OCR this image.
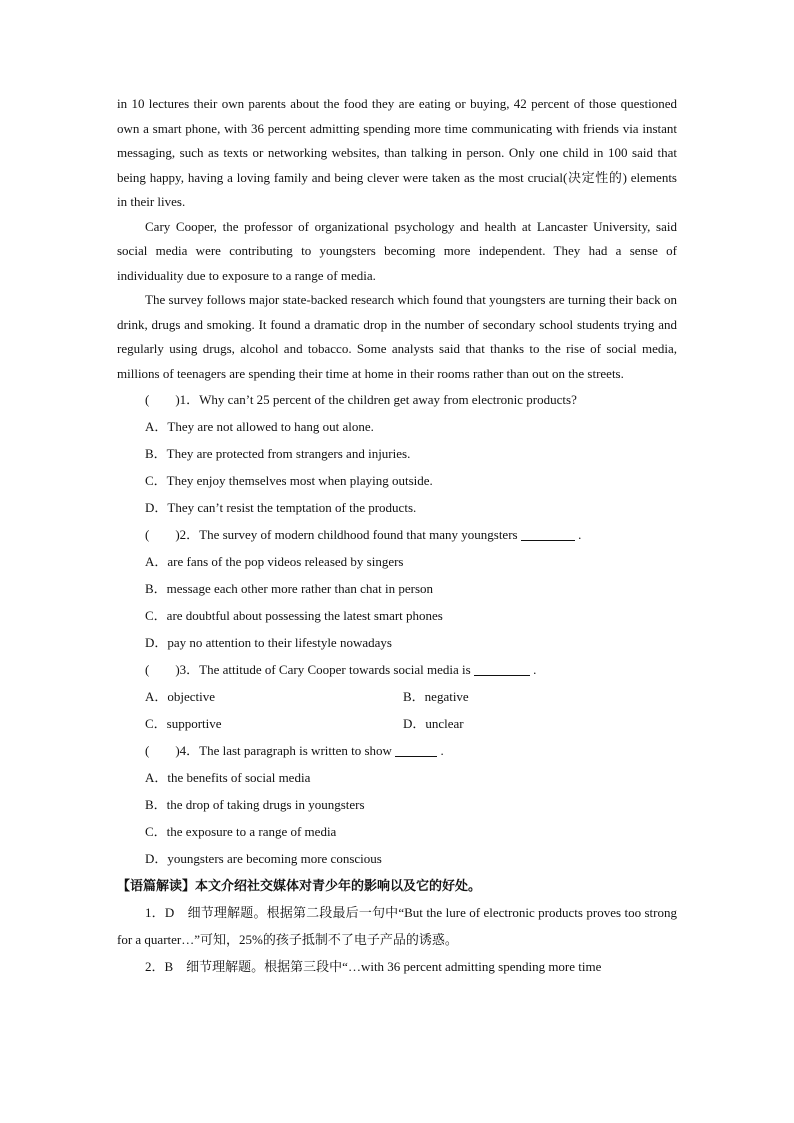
in 10 lectures their own parents about the food they are eating or buying, 42 percent of those questioned own a smart phone, with 36 percent admitting spending more time communicating with friends via instant messaging, such as texts or networking websites, than talking in person. Only one child in 100 said that being happy, having a loving family and being clever were taken as the most crucial(决定性的) elements in their lives.

Cary Cooper, the professor of organizational psychology and health at Lancaster University, said social media were contributing to youngsters becoming more independent. They had a sense of individuality due to exposure to a range of media.

The survey follows major state-backed research which found that youngsters are turning their back on drink, drugs and smoking. It found a dramatic drop in the number of secondary school students trying and regularly using drugs, alcohol and tobacco. Some analysts said that thanks to the rise of social media, millions of teenagers are spending their time at home in their rooms rather than out on the streets.

(　　)1．Why can’t 25 percent of the children get away from electronic products?

A．They are not allowed to hang out alone.

B．They are protected from strangers and injuries.

C．They enjoy themselves most when playing outside.

D．They can’t resist the temptation of the products.

(　　)2．The survey of modern childhood found that many youngsters	.

A．are fans of the pop videos released by singers

B．message each other more rather than chat in person

C．are doubtful about possessing the latest smart phones

D．pay no attention to their lifestyle nowadays

(　　)3．The attitude of Cary Cooper towards social media is	.

A．objective	B．negative
C．supportive	D．unclear

(　　)4．The last paragraph is written to show	.

A．the benefits of social media

B．the drop of taking drugs in youngsters

C．the exposure to a range of media

D．youngsters are becoming more conscious

【语篇解读】本文介绍社交媒体对青少年的影响以及它的好处。

1．D　细节理解题。根据第二段最后一句中“But the lure of electronic products proves too strong for a quarter…”可知，25%的孩子抵制不了电子产品的诱惑。

2．B　细节理解题。根据第三段中“…with 36 percent admitting spending more time
